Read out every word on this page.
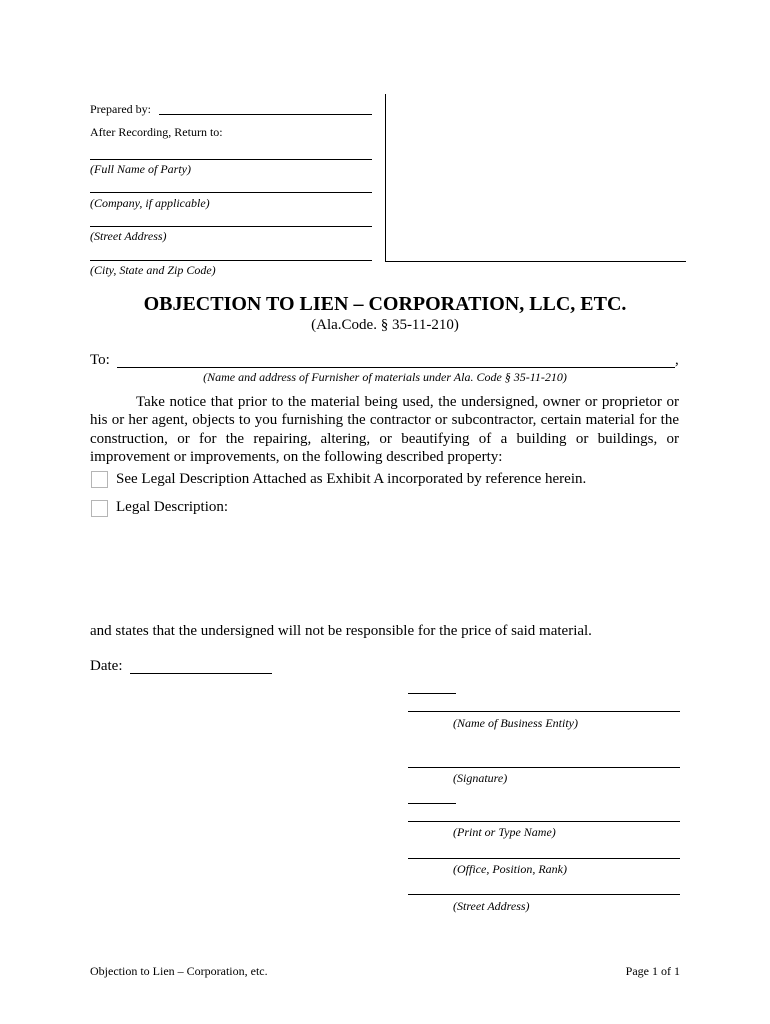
Prepared by:
After Recording, Return to:
(Full Name of Party)
(Company, if applicable)
(Street Address)
(City, State and Zip Code)
OBJECTION TO LIEN – CORPORATION, LLC, ETC.
(Ala.Code. § 35-11-210)
To:	,
(Name and address of Furnisher of materials under Ala. Code § 35-11-210)
Take notice that prior to the material being used, the undersigned, owner or proprietor or his or her agent, objects to you furnishing the contractor or subcontractor, certain material for the construction, or for the repairing, altering, or beautifying of a building or buildings, or improvement or improvements, on the following described property:
See Legal Description Attached as Exhibit A incorporated by reference herein.
Legal Description:
and states that the undersigned will not be responsible for the price of said material.
Date:
(Name of Business Entity)
(Signature)
(Print or Type Name)
(Office, Position, Rank)
(Street Address)
Objection to Lien – Corporation, etc.	Page 1 of 1
